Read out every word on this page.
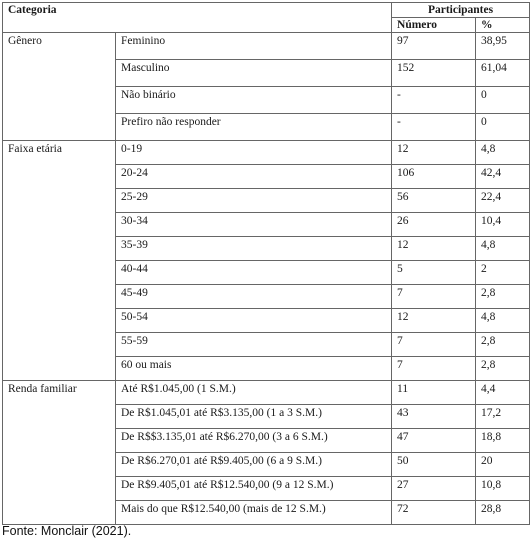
Categoria		Participantes	
		Número	%
Gênero	Feminino	97	38,95
	Masculino	152	61,04
	Não binário	-	0
	Prefiro não responder	-	0
Faixa etária	0-19	12	4,8
	20-24	106	42,4
	25-29	56	22,4
	30-34	26	10,4
	35-39	12	4,8
	40-44	5	2
	45-49	7	2,8
	50-54	12	4,8
	55-59	7	2,8
	60 ou mais	7	2,8
Renda familiar	Até R$1.045,00 (1 S.M.)	11	4,4
	De R$1.045,01 até R$3.135,00 (1 a 3 S.M.)	43	17,2
	De R$$3.135,01 até R$6.270,00 (3 a 6 S.M.)	47	18,8
	De R$6.270,01 até R$9.405,00 (6 a 9 S.M.)	50	20
	De R$9.405,01 até R$12.540,00 (9 a 12 S.M.)	27	10,8
	Mais do que R$12.540,00 (mais de 12 S.M.)	72	28,8
Fonte: Monclair (2021).
